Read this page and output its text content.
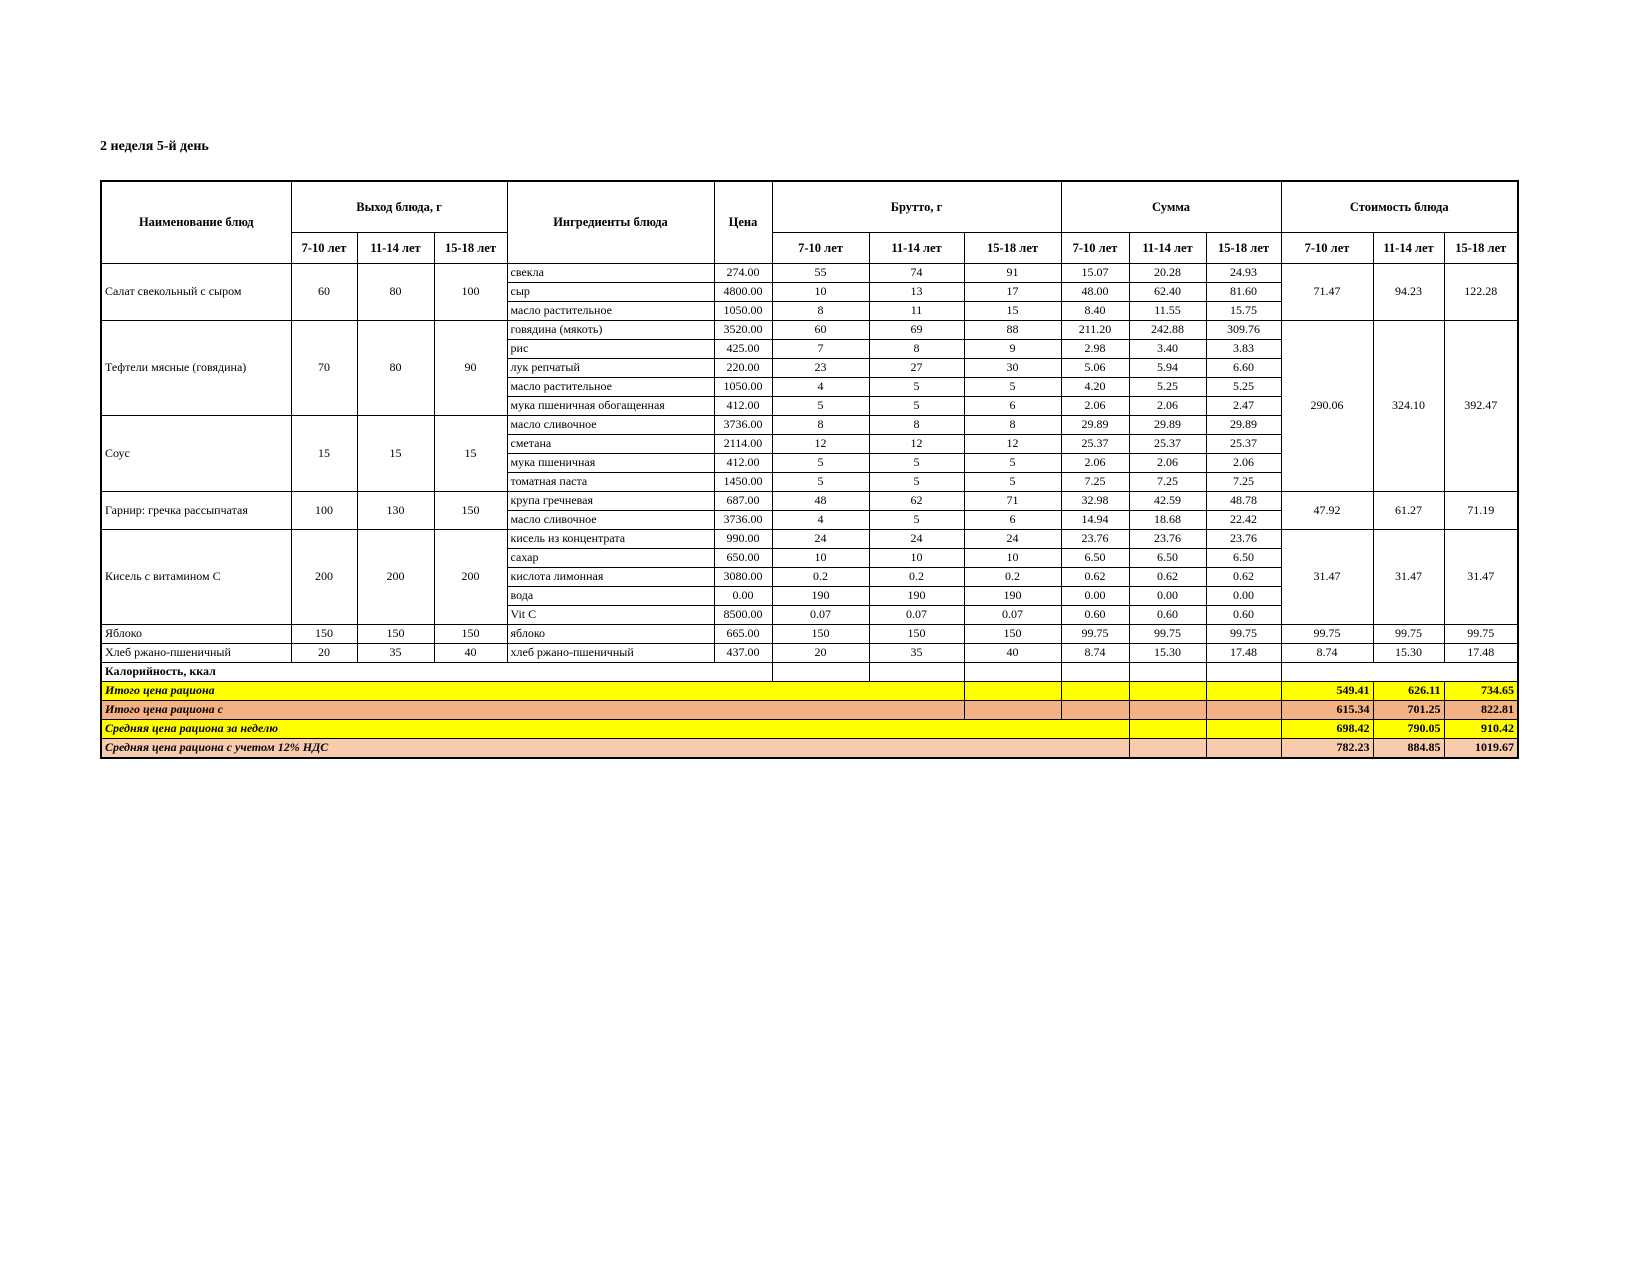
2 неделя 5-й день
Наименование блюд	Выход блюда, г			Ингредиенты блюда	Цена	Брутто, г			Сумма			Стоимость блюда		
	7-10 лет	11-14 лет	15-18 лет			7-10 лет	11-14 лет	15-18 лет	7-10 лет	11-14 лет	15-18 лет	7-10 лет	11-14 лет	15-18 лет
Салат свекольный с сыром	60	80	100	свекла	274.00	55	74	91	15.07	20.28	24.93	71.47	94.23	122.28
				сыр	4800.00	10	13	17	48.00	62.40	81.60			
				масло растительное	1050.00	8	11	15	8.40	11.55	15.75			
Тефтели мясные (говядина)	70	80	90	говядина (мякоть)	3520.00	60	69	88	211.20	242.88	309.76	290.06	324.10	392.47
				рис	425.00	7	8	9	2.98	3.40	3.83			
				лук репчатый	220.00	23	27	30	5.06	5.94	6.60			
				масло растительное	1050.00	4	5	5	4.20	5.25	5.25			
				мука пшеничная обогащенная	412.00	5	5	6	2.06	2.06	2.47			
Соус	15	15	15	масло сливочное	3736.00	8	8	8	29.89	29.89	29.89			
				сметана	2114.00	12	12	12	25.37	25.37	25.37			
				мука пшеничная	412.00	5	5	5	2.06	2.06	2.06			
				томатная паста	1450.00	5	5	5	7.25	7.25	7.25			
Гарнир: гречка рассыпчатая	100	130	150	крупа гречневая	687.00	48	62	71	32.98	42.59	48.78	47.92	61.27	71.19
				масло сливочное	3736.00	4	5	6	14.94	18.68	22.42			
Кисель с витамином С	200	200	200	кисель из концентрата	990.00	24	24	24	23.76	23.76	23.76	31.47	31.47	31.47
				сахар	650.00	10	10	10	6.50	6.50	6.50			
				кислота лимонная	3080.00	0.2	0.2	0.2	0.62	0.62	0.62			
				вода	0.00	190	190	190	0.00	0.00	0.00			
				Vit C	8500.00	0.07	0.07	0.07	0.60	0.60	0.60			
Яблоко	150	150	150	яблоко	665.00	150	150	150	99.75	99.75	99.75	99.75	99.75	99.75
Хлеб ржано-пшеничный	20	35	40	хлеб ржано-пшеничный	437.00	20	35	40	8.74	15.30	17.48	8.74	15.30	17.48
Калорийность, ккал														
Итого цена рациона												549.41	626.11	734.65
Итого цена рациона с												615.34	701.25	822.81
Средняя цена рациона за неделю												698.42	790.05	910.42
Средняя цена рациона с учетом 12% НДС												782.23	884.85	1019.67
